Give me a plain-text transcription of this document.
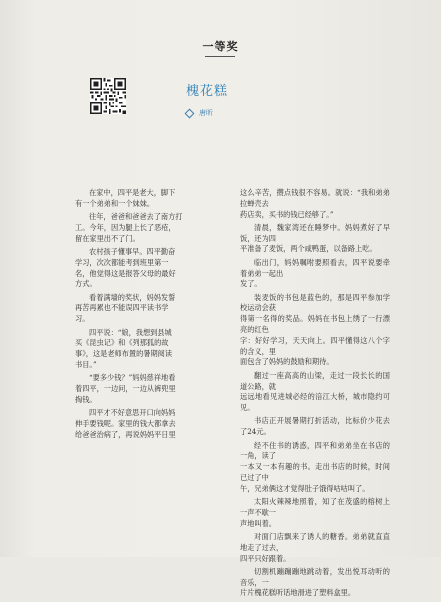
一等奖
槐花糕
唐昕

在家中，四平是老大，脚下
有一个弟弟和一个妹妹。

往年，爸爸和爸爸去了南方打
工。今年，因为腿上长了恶疮，
留在家里出不了门。

农村孩子懂事早。四平勤奋
学习，次次都能考到班里第一
名，他觉得这是报答父母的最好
方式。

看着满墙的奖状，妈妈发誓
再苦再累也不能误四平读书学
习。

四平说：“娘，我想到县城
买《昆虫记》和《列那狐的故
事》，这是老师布置的暑期阅读
书目。”

“要多少钱？”妈妈慈祥地看
着四平，一边问，一边从裤兜里
掏钱。

四平才不好意思开口向妈妈
伸手要钱呢。家里的钱大都拿去
给爸爸治病了，再说妈妈平日里

这么辛苦，攒点钱很不容易。就说：“我和弟弟拉蝉壳去
药店卖，买书的钱已经够了。”

清晨，魏家湾还在睡梦中。妈妈煮好了早饭，还为四
平准备了麦饭，两个咸鸭蛋，以备路上吃。

临出门，妈妈嘱咐要照看去，四平说要牵着弟弟一起出
发了。

装麦饭的书包是蓝色的，那是四平参加学校运动会获
得第一名得的奖品。妈妈在书包上绣了一行漂亮的红色
字：好好学习，天天向上。四平懂得这八个字的含义，里
面包含了妈妈的鼓励和期待。

翻过一座高高的山梁，走过一段长长的国道公路，就
远远地看见进城必经的涪江大桥，城市隐约可见。

书店正开展暑期打折活动，比标价少花去了24元。

经不住书的诱惑，四平和弟弟坐在书店的一角，读了
一本又一本有趣的书。走出书店的时候，时间已过了中
午，兄弟俩这才觉得肚子饿得咕咕叫了。

太阳火辣辣地照着，知了在茂盛的榕树上一声不歇一
声地叫着。

对面门店飘来了诱人的糖香。弟弟就直直地走了过去，
四平只好跟着。

切割机蹦蹦蹦地跳动着，发出悦耳动听的音乐，一
片片槐花糕听话地滑进了塑料盒里。
